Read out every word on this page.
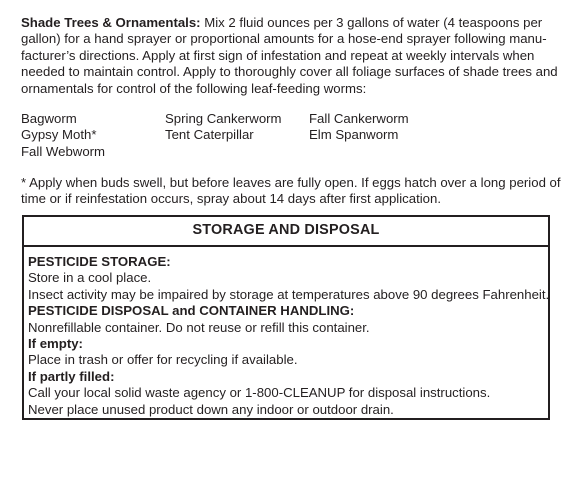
Shade Trees & Ornamentals: Mix 2 fluid ounces per 3 gallons of water (4 teaspoons per gallon) for a hand sprayer or proportional amounts for a hose-end sprayer following manu-facturer’s directions. Apply at first sign of infestation and repeat at weekly intervals when needed to maintain control. Apply to thoroughly cover all foliage surfaces of shade trees and ornamentals for control of the following leaf-feeding worms:

Bagworm	Spring Cankerworm	Fall Cankerworm
Gypsy Moth*	Tent Caterpillar	Elm Spanworm
Fall Webworm

* Apply when buds swell, but before leaves are fully open. If eggs hatch over a long period of time or if reinfestation occurs, spray about 14 days after first application.

STORAGE AND DISPOSAL
PESTICIDE STORAGE:
Store in a cool place.
Insect activity may be impaired by storage at temperatures above 90 degrees Fahrenheit.
PESTICIDE DISPOSAL and CONTAINER HANDLING:
Nonrefillable container. Do not reuse or refill this container.
If empty:
Place in trash or offer for recycling if available.
If partly filled:
Call your local solid waste agency or 1-800-CLEANUP for disposal instructions.
Never place unused product down any indoor or outdoor drain.
